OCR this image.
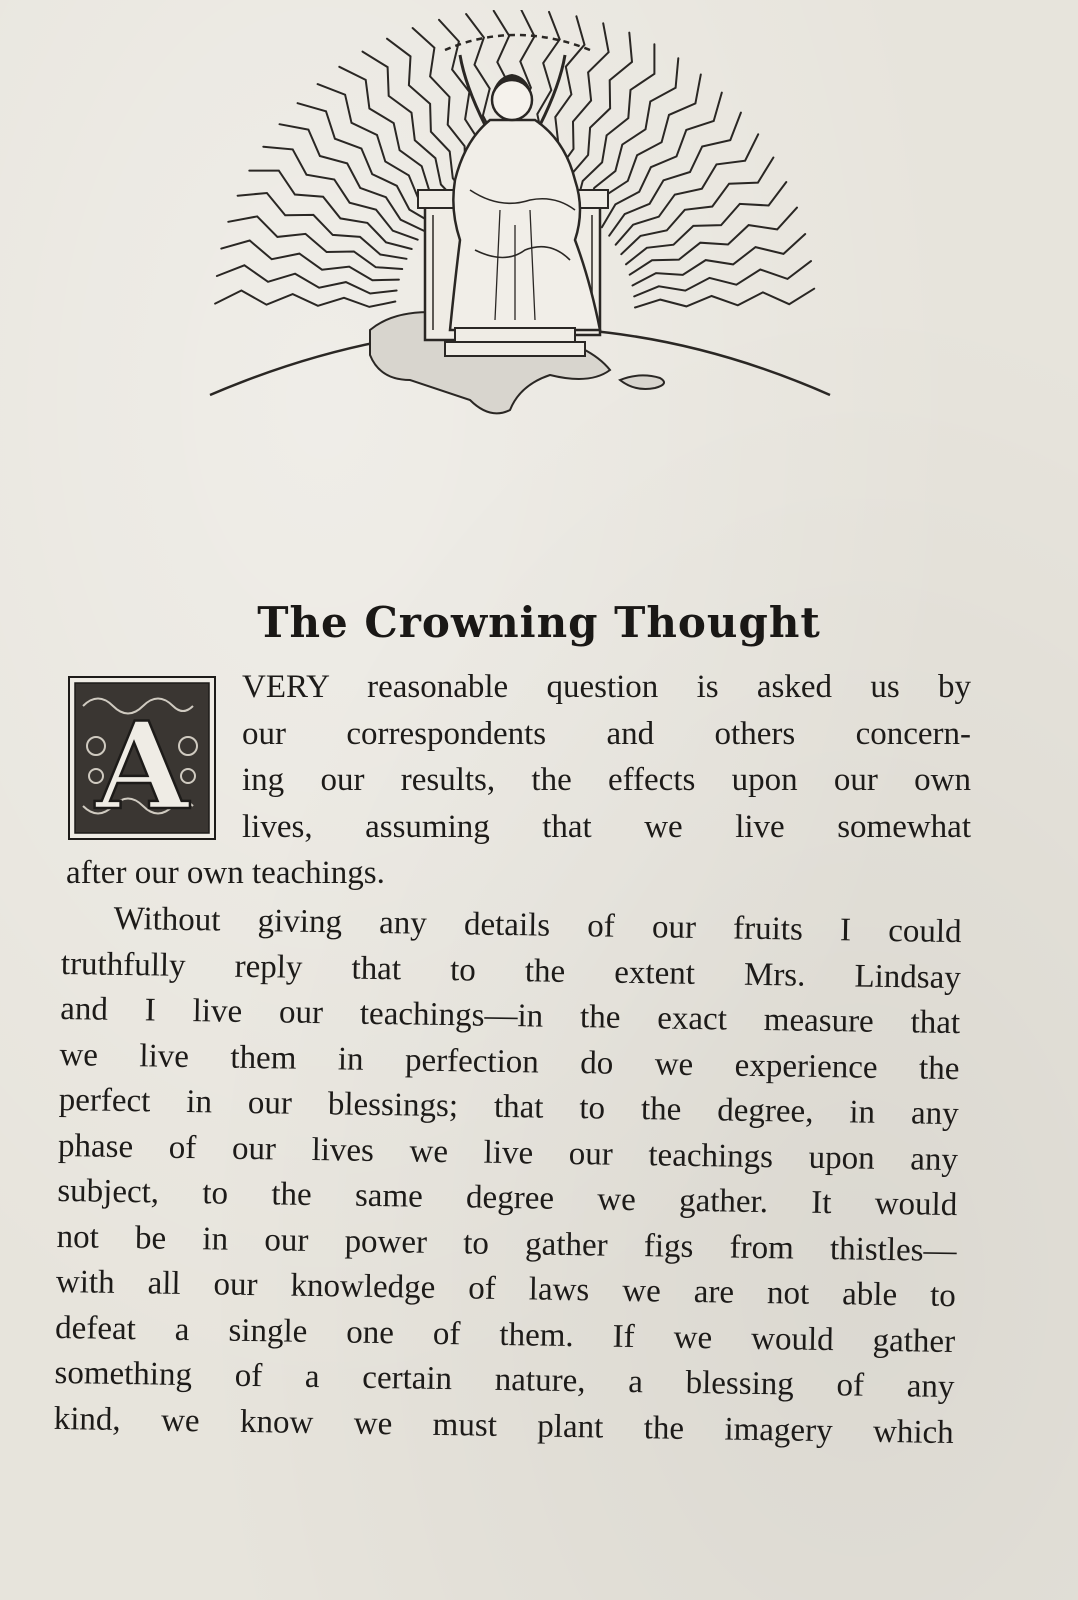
The Crowning Thought
A
VERY reasonable question is asked us by
our correspondents and others concern-
ing our results, the effects upon our own
lives, assuming that we live somewhat
after our own teachings.
Without giving any details of our fruits I could
truthfully reply that to the extent Mrs. Lindsay
and I live our teachings—in the exact measure that
we live them in perfection do we experience the
perfect in our blessings; that to the degree, in any
phase of our lives we live our teachings upon any
subject, to the same degree we gather. It would
not be in our power to gather figs from thistles—
with all our knowledge of laws we are not able to
defeat a single one of them. If we would gather
something of a certain nature, a blessing of any
kind, we know we must plant the imagery which
